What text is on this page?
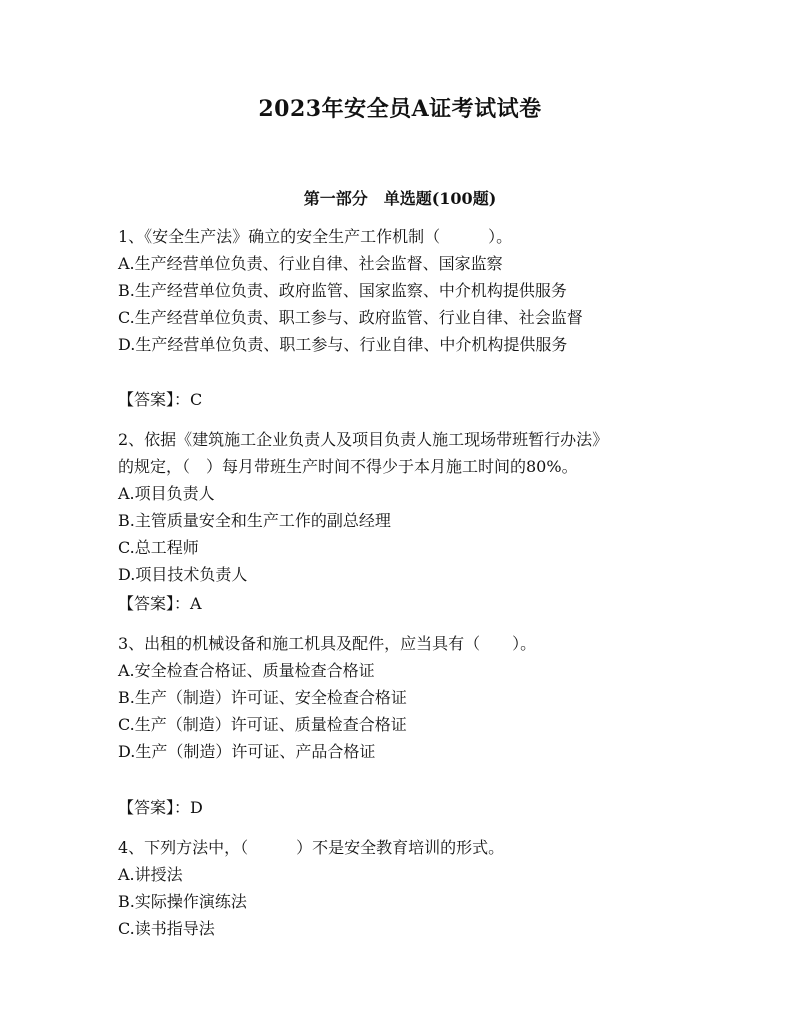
2023年安全员A证考试试卷
第一部分　单选题(100题)
1、《安全生产法》确立的安全生产工作机制（　　　）。
A.生产经营单位负责、行业自律、社会监督、国家监察
B.生产经营单位负责、政府监管、国家监察、中介机构提供服务
C.生产经营单位负责、职工参与、政府监管、行业自律、社会监督
D.生产经营单位负责、职工参与、行业自律、中介机构提供服务
【答案】：C
2、依据《建筑施工企业负责人及项目负责人施工现场带班暂行办法》
的规定，（　）每月带班生产时间不得少于本月施工时间的80%。
A.项目负责人
B.主管质量安全和生产工作的副总经理
C.总工程师
D.项目技术负责人
【答案】：A
3、出租的机械设备和施工机具及配件，应当具有（　　）。
A.安全检查合格证、质量检查合格证
B.生产（制造）许可证、安全检查合格证
C.生产（制造）许可证、质量检查合格证
D.生产（制造）许可证、产品合格证
【答案】：D
4、下列方法中，（　　　）不是安全教育培训的形式。
A.讲授法
B.实际操作演练法
C.读书指导法
